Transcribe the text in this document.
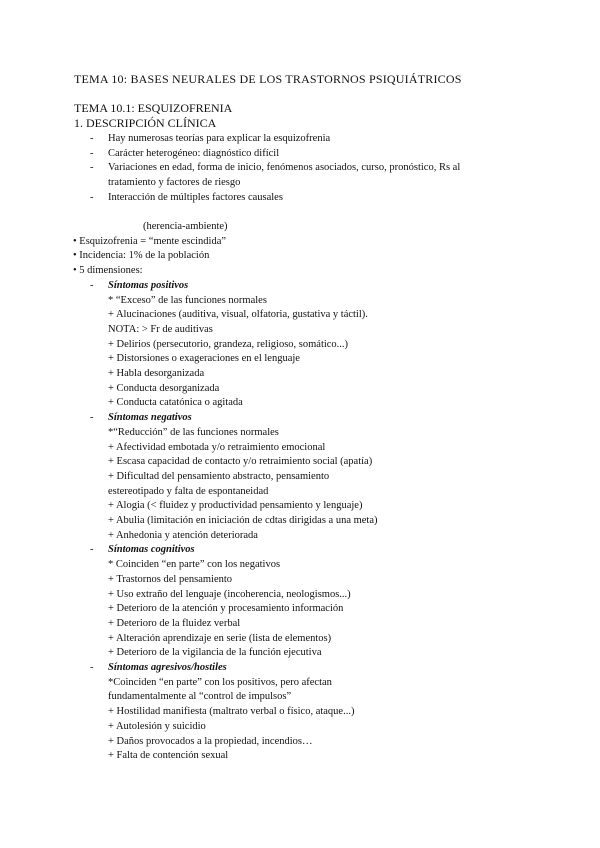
TEMA 10: BASES NEURALES DE LOS TRASTORNOS PSIQUIÁTRICOS
TEMA 10.1: ESQUIZOFRENIA
1. DESCRIPCIÓN CLÍNICA
- Hay numerosas teorías para explicar la esquizofrenia
- Carácter heterogéneo: diagnóstico difícil
- Variaciones en edad, forma de inicio, fenómenos asociados, curso, pronóstico, Rs al
tratamiento y factores de riesgo
- Interacción de múltiples factores causales
(herencia-ambiente)
• Esquizofrenia = “mente escindida”
• Incidencia: 1% de la población
• 5 dimensiones:
- Síntomas positivos
* “Exceso” de las funciones normales
+ Alucinaciones (auditiva, visual, olfatoria, gustativa y táctil).
NOTA: > Fr de auditivas
+ Delirios (persecutorio, grandeza, religioso, somático...)
+ Distorsiones o exageraciones en el lenguaje
+ Habla desorganizada
+ Conducta desorganizada
+ Conducta catatónica o agitada
- Síntomas negativos
*“Reducción” de las funciones normales
+ Afectividad embotada y/o retraimiento emocional
+ Escasa capacidad de contacto y/o retraimiento social (apatía)
+ Dificultad del pensamiento abstracto, pensamiento
estereotipado y falta de espontaneidad
+ Alogia (< fluidez y productividad pensamiento y lenguaje)
+ Abulia (limitación en iniciación de cdtas dirigidas a una meta)
+ Anhedonia y atención deteriorada
- Síntomas cognitivos
* Coinciden “en parte” con los negativos
+ Trastornos del pensamiento
+ Uso extraño del lenguaje (incoherencia, neologismos...)
+ Deterioro de la atención y procesamiento información
+ Deterioro de la fluidez verbal
+ Alteración aprendizaje en serie (lista de elementos)
+ Deterioro de la vigilancia de la función ejecutiva
- Síntomas agresivos/hostiles
*Coinciden “en parte” con los positivos, pero afectan
fundamentalmente al “control de impulsos”
+ Hostilidad manifiesta (maltrato verbal o físico, ataque...)
+ Autolesión y suicidio
+ Daños provocados a la propiedad, incendios…
+ Falta de contención sexual
